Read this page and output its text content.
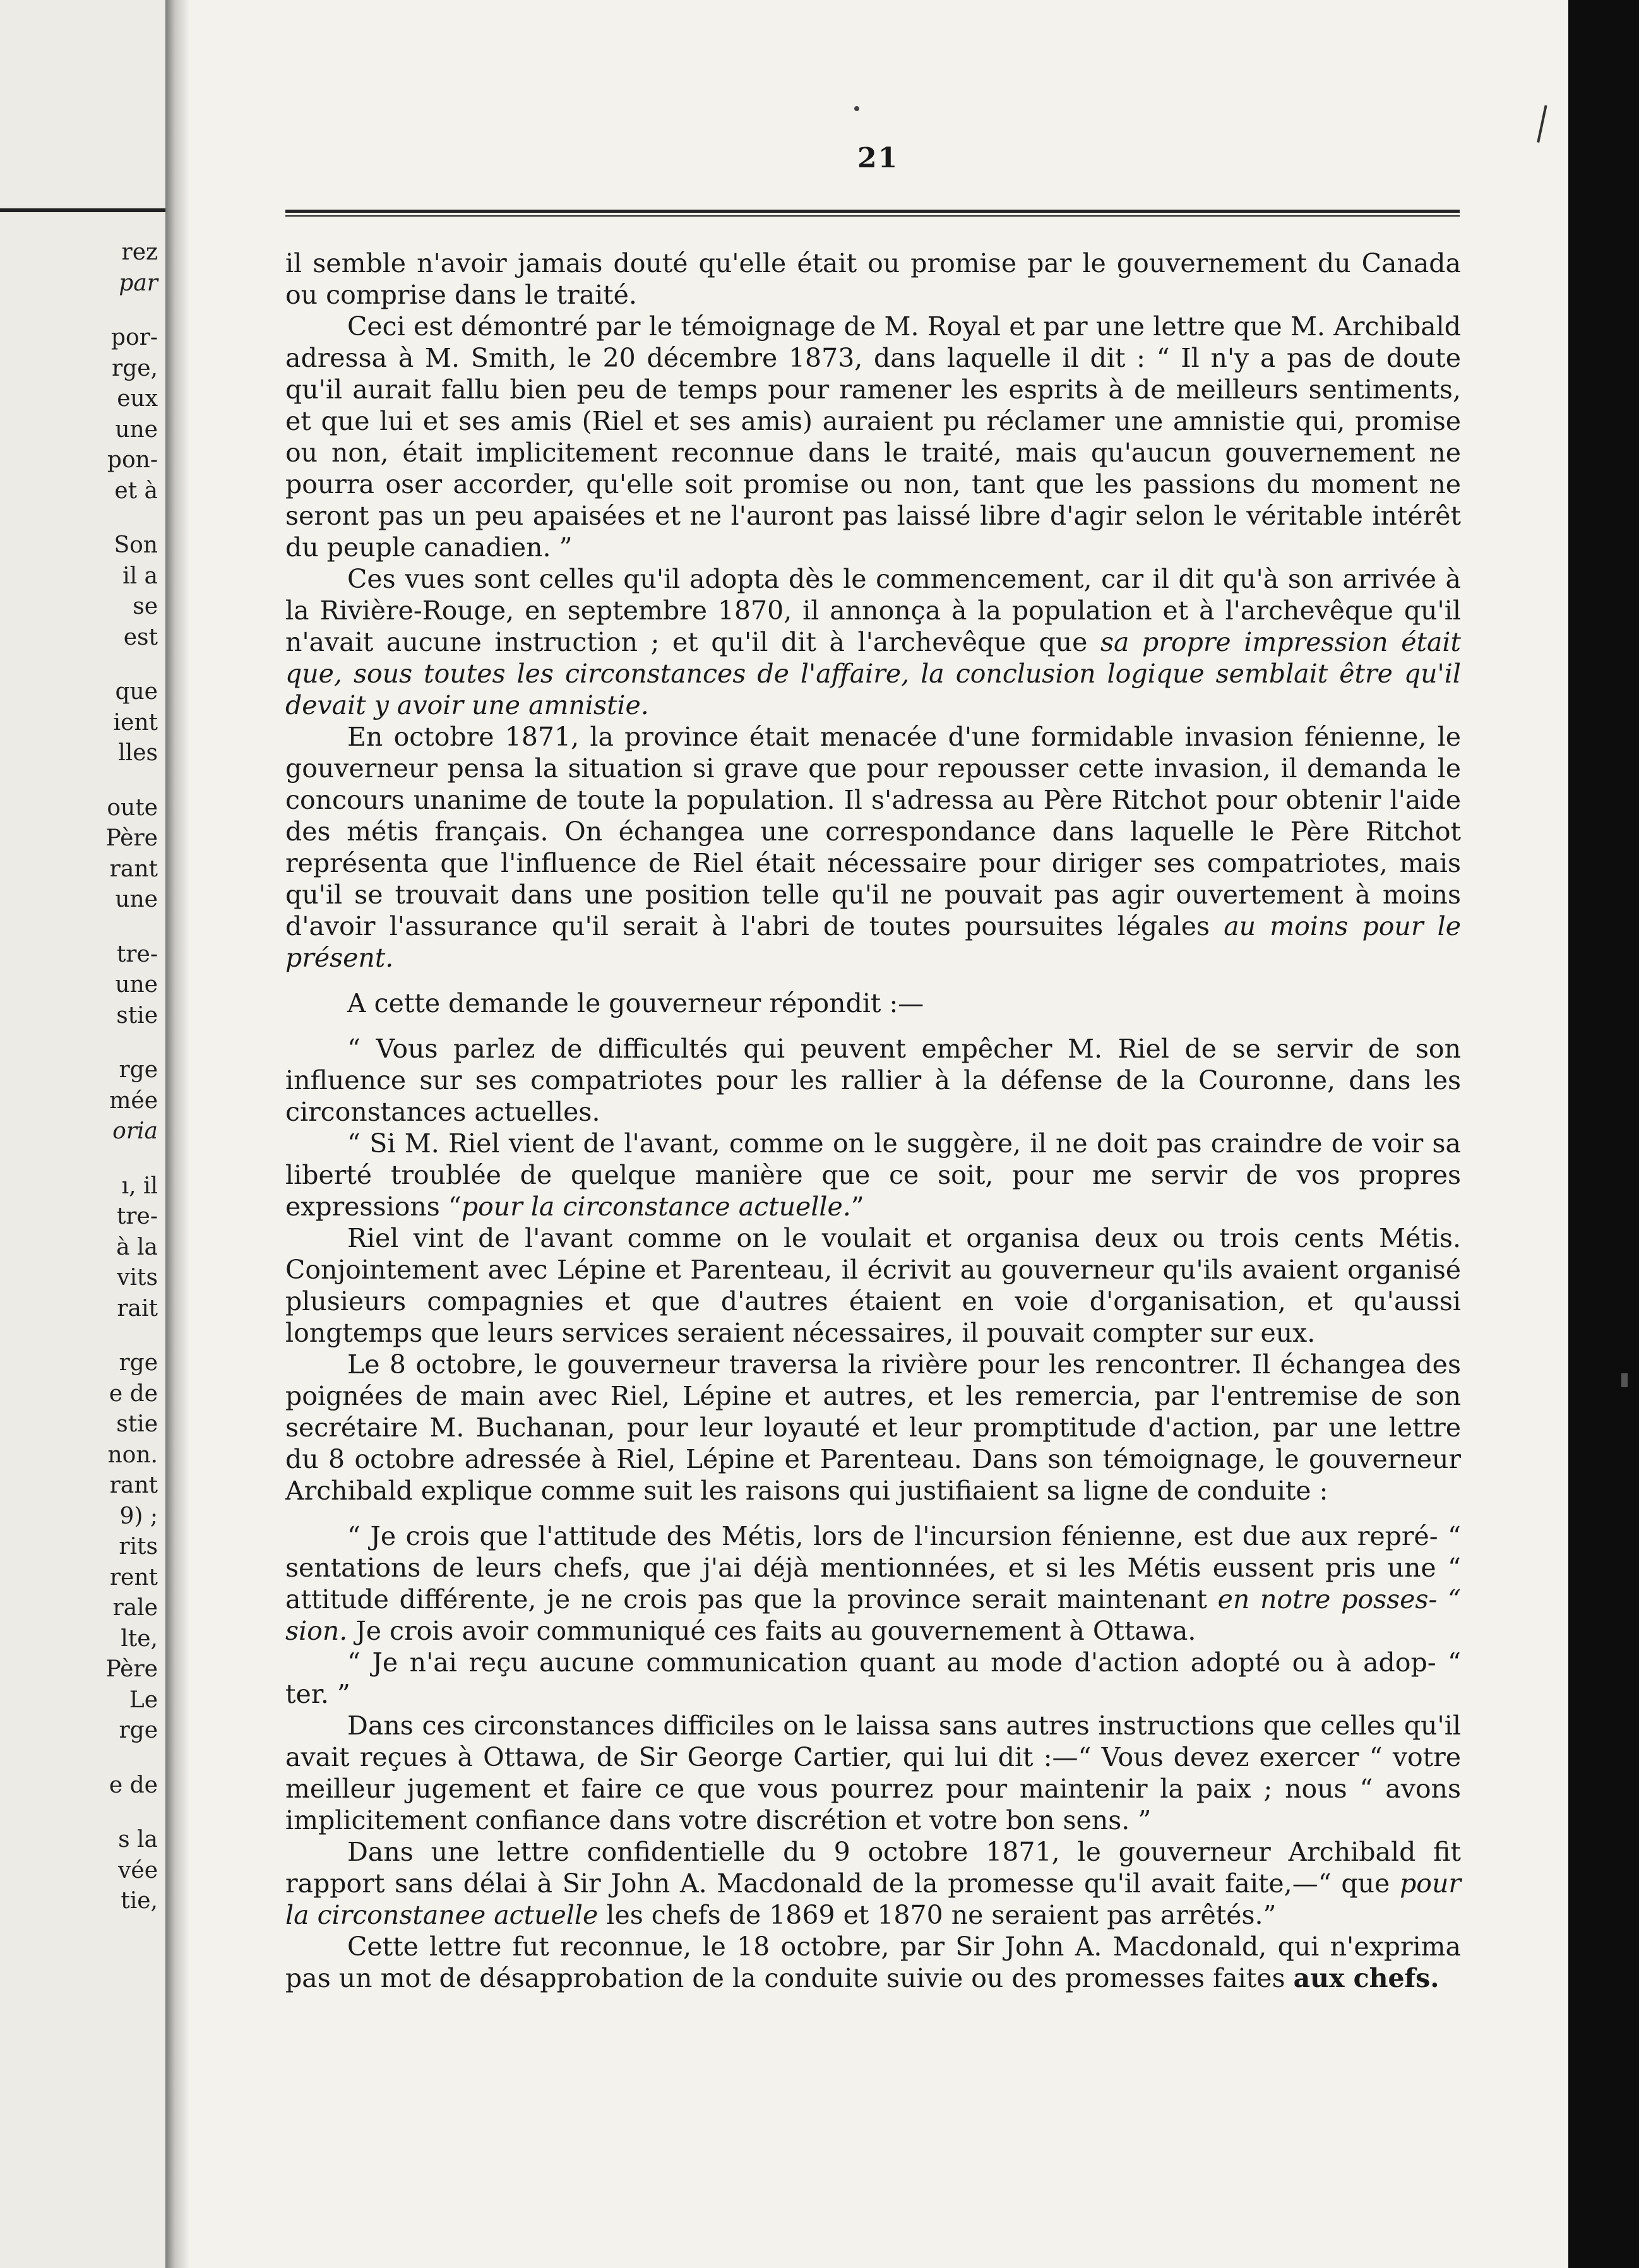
rez
par
por-
rge,
eux
une
pon-
et à
Son
il a
se
est
que
ient
lles
oute
Père
rant
une
tre-
une
stie
rge
mée
oria
ı, il
tre-
à la
vits
rait
rge
e de
stie
non.
rant
9) ;
rits
rent
rale
lte,
Père
Le
rge
e de
s la
vée
tie,
21

il semble n'avoir jamais douté qu'elle était ou promise par le gouvernement du Canada ou comprise dans le traité.

Ceci est démontré par le témoignage de M. Royal et par une lettre que M. Archibald adressa à M. Smith, le 20 décembre 1873, dans laquelle il dit : “ Il n'y a pas de doute qu'il aurait fallu bien peu de temps pour ramener les esprits à de meilleurs sentiments, et que lui et ses amis (Riel et ses amis) auraient pu réclamer une amnistie qui, promise ou non, était implicitement reconnue dans le traité, mais qu'aucun gouvernement ne pourra oser accorder, qu'elle soit promise ou non, tant que les passions du moment ne seront pas un peu apaisées et ne l'auront pas laissé libre d'agir selon le véritable intérêt du peuple canadien. ”

Ces vues sont celles qu'il adopta dès le commencement, car il dit qu'à son arrivée à la Rivière-Rouge, en septembre 1870, il annonça à la population et à l'archevêque qu'il n'avait aucune instruction ; et qu'il dit à l'archevêque que sa propre impression était que, sous toutes les circonstances de l'affaire, la conclusion logique semblait être qu'il devait y avoir une amnistie.

En octobre 1871, la province était menacée d'une formidable invasion fénienne, le gouverneur pensa la situation si grave que pour repousser cette invasion, il demanda le concours unanime de toute la population. Il s'adressa au Père Ritchot pour obtenir l'aide des métis français. On échangea une correspondance dans laquelle le Père Ritchot représenta que l'influence de Riel était nécessaire pour diriger ses compatriotes, mais qu'il se trouvait dans une position telle qu'il ne pouvait pas agir ouvertement à moins d'avoir l'assurance qu'il serait à l'abri de toutes poursuites légales au moins pour le présent.

A cette demande le gouverneur répondit :—

“ Vous parlez de difficultés qui peuvent empêcher M. Riel de se servir de son influence sur ses compatriotes pour les rallier à la défense de la Couronne, dans les circonstances actuelles.

“ Si M. Riel vient de l'avant, comme on le suggère, il ne doit pas craindre de voir sa liberté troublée de quelque manière que ce soit, pour me servir de vos propres expressions “pour la circonstance actuelle.”

Riel vint de l'avant comme on le voulait et organisa deux ou trois cents Métis. Conjointement avec Lépine et Parenteau, il écrivit au gouverneur qu'ils avaient organisé plusieurs compagnies et que d'autres étaient en voie d'organisation, et qu'aussi longtemps que leurs services seraient nécessaires, il pouvait compter sur eux.

Le 8 octobre, le gouverneur traversa la rivière pour les rencontrer. Il échangea des poignées de main avec Riel, Lépine et autres, et les remercia, par l'entremise de son secrétaire M. Buchanan, pour leur loyauté et leur promptitude d'action, par une lettre du 8 octobre adressée à Riel, Lépine et Parenteau. Dans son témoignage, le gouverneur Archibald explique comme suit les raisons qui justifiaient sa ligne de conduite :

“ Je crois que l'attitude des Métis, lors de l'incursion fénienne, est due aux repré- “ sentations de leurs chefs, que j'ai déjà mentionnées, et si les Métis eussent pris une “ attitude différente, je ne crois pas que la province serait maintenant en notre posses- “ sion. Je crois avoir communiqué ces faits au gouvernement à Ottawa.

“ Je n'ai reçu aucune communication quant au mode d'action adopté ou à adop- “ ter. ”

Dans ces circonstances difficiles on le laissa sans autres instructions que celles qu'il avait reçues à Ottawa, de Sir George Cartier, qui lui dit :—“ Vous devez exercer “ votre meilleur jugement et faire ce que vous pourrez pour maintenir la paix ; nous “ avons implicitement confiance dans votre discrétion et votre bon sens. ”

Dans une lettre confidentielle du 9 octobre 1871, le gouverneur Archibald fit rapport sans délai à Sir John A. Macdonald de la promesse qu'il avait faite,—“ que pour la circonstanee actuelle les chefs de 1869 et 1870 ne seraient pas arrêtés.”

Cette lettre fut reconnue, le 18 octobre, par Sir John A. Macdonald, qui n'exprima pas un mot de désapprobation de la conduite suivie ou des promesses faites aux chefs.
